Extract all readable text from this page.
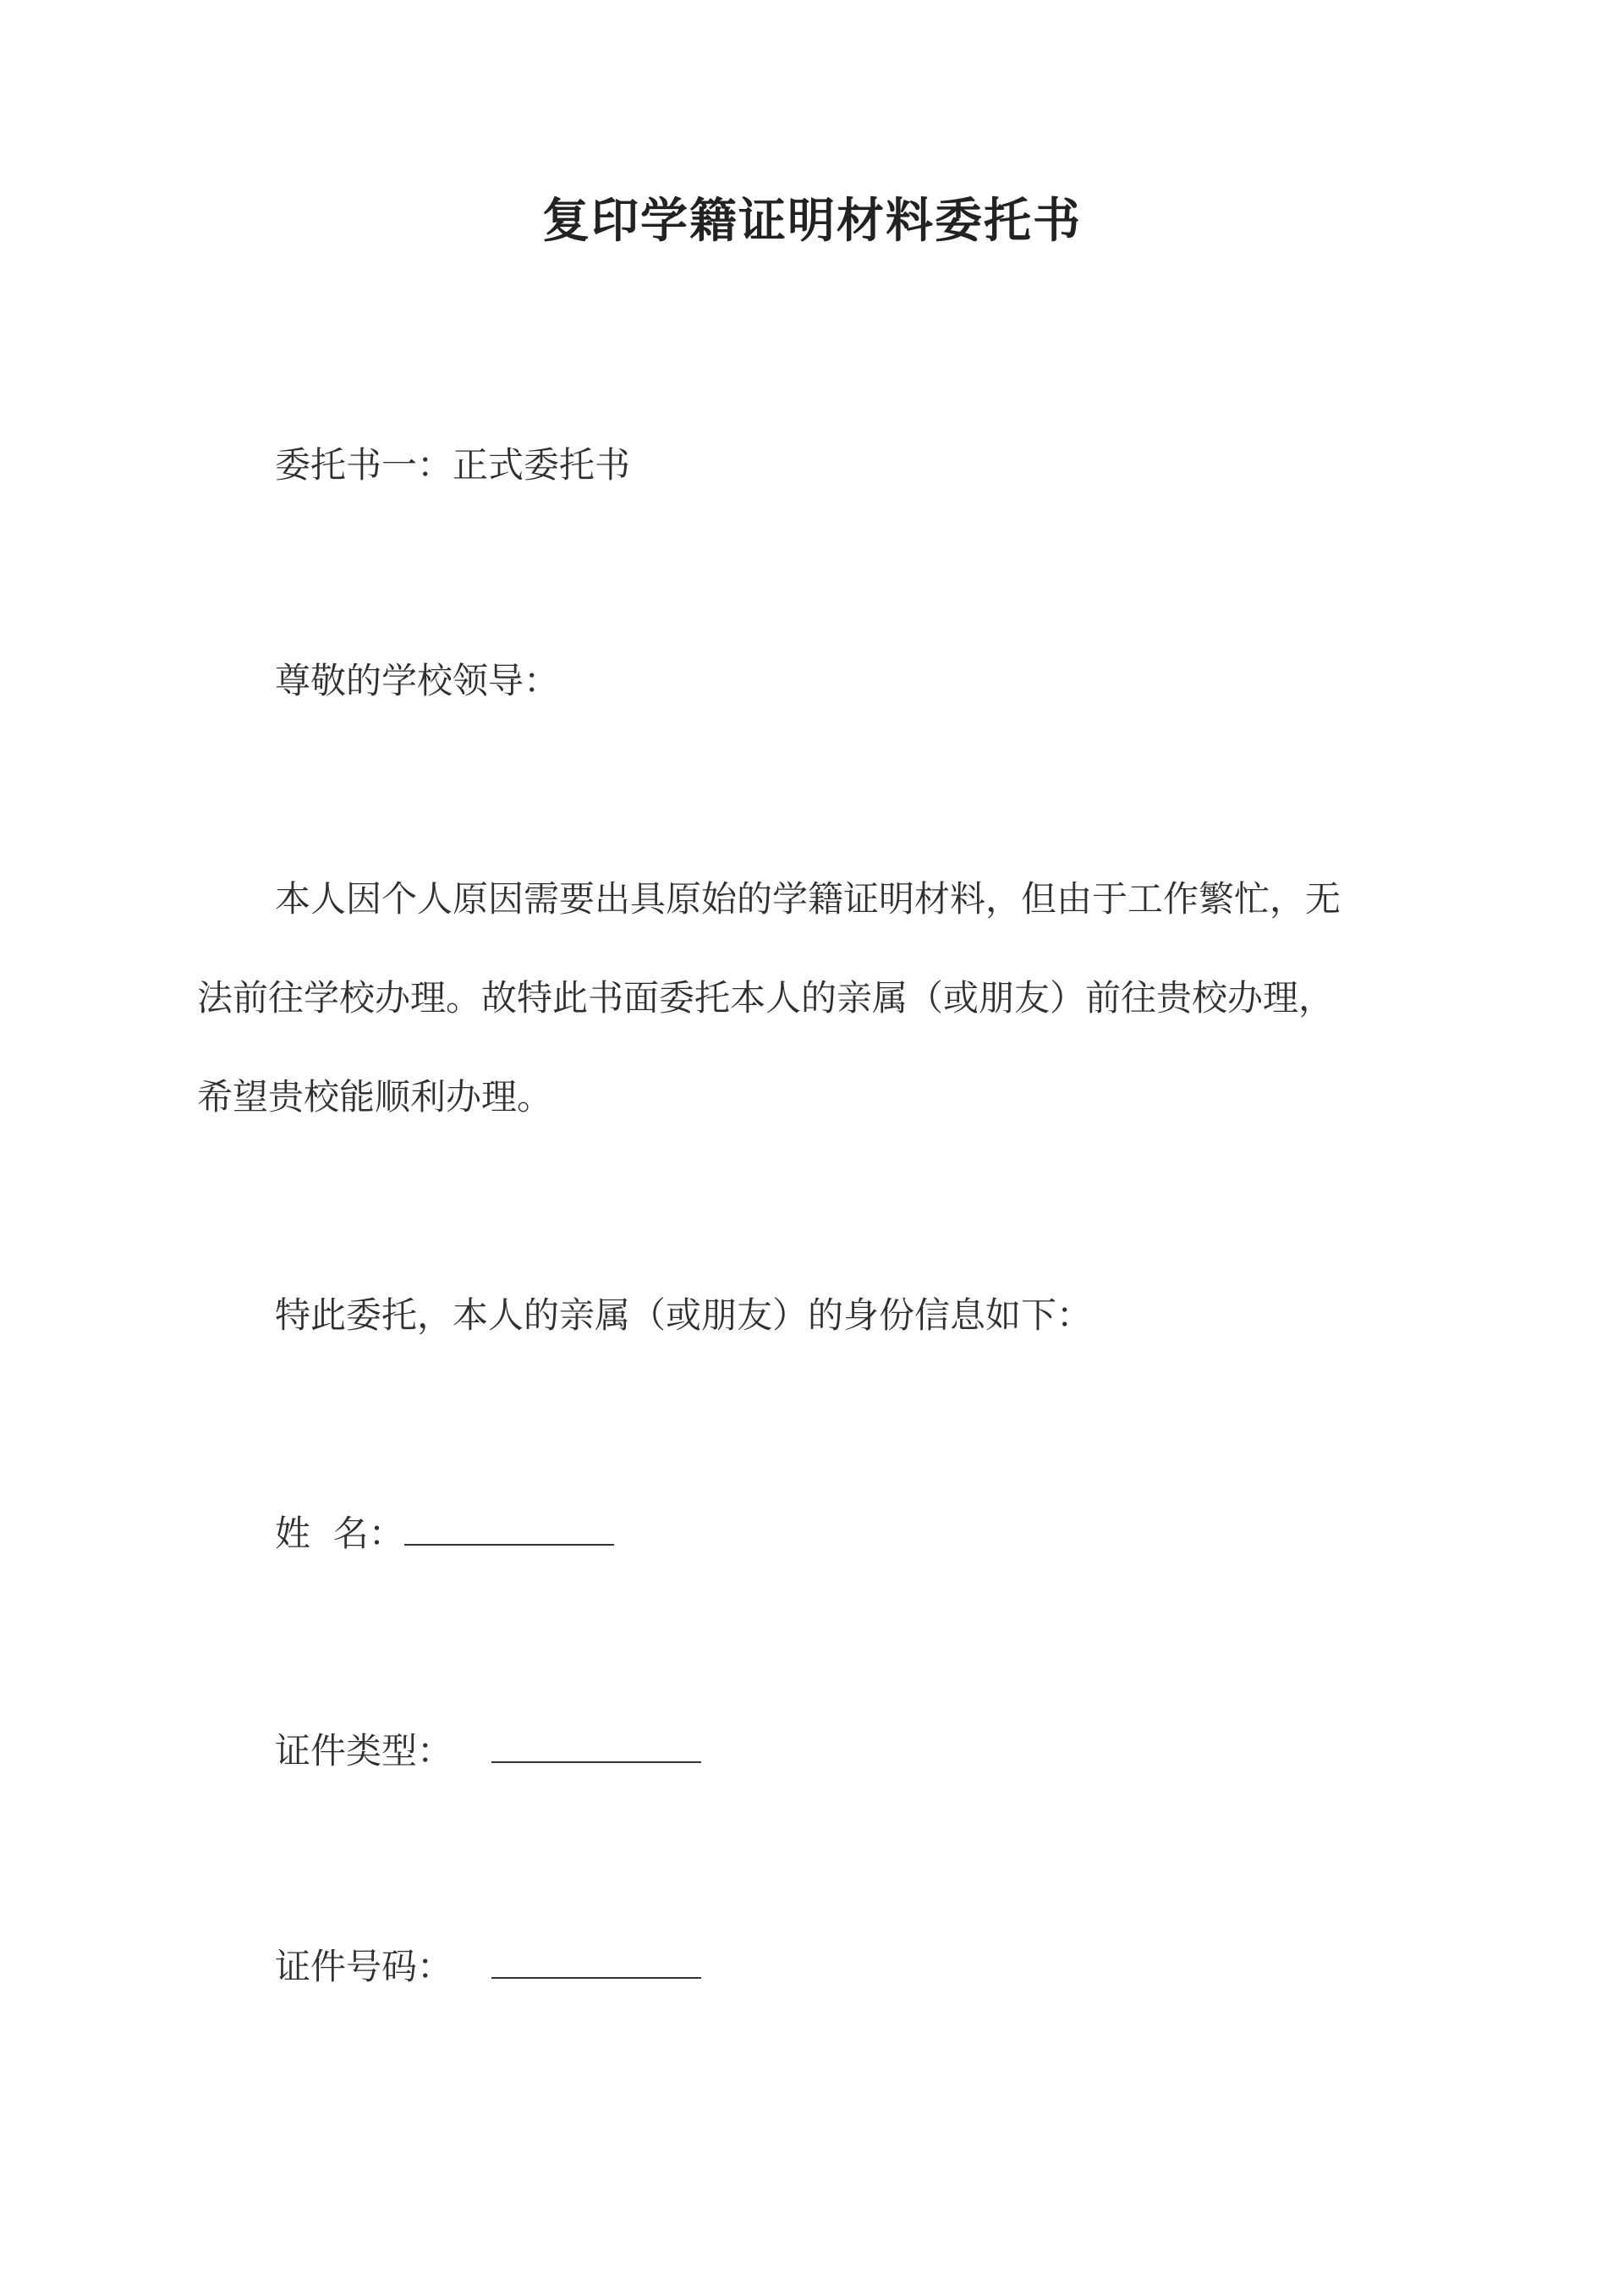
复印学籍证明材料委托书
委托书一：正式委托书
尊敬的学校领导：
本人因个人原因需要出具原始的学籍证明材料，但由于工作繁忙，无
法前往学校办理。故特此书面委托本人的亲属（或朋友）前往贵校办理，
希望贵校能顺利办理。
特此委托，本人的亲属（或朋友）的身份信息如下：
姓  名：
证件类型：
证件号码：
